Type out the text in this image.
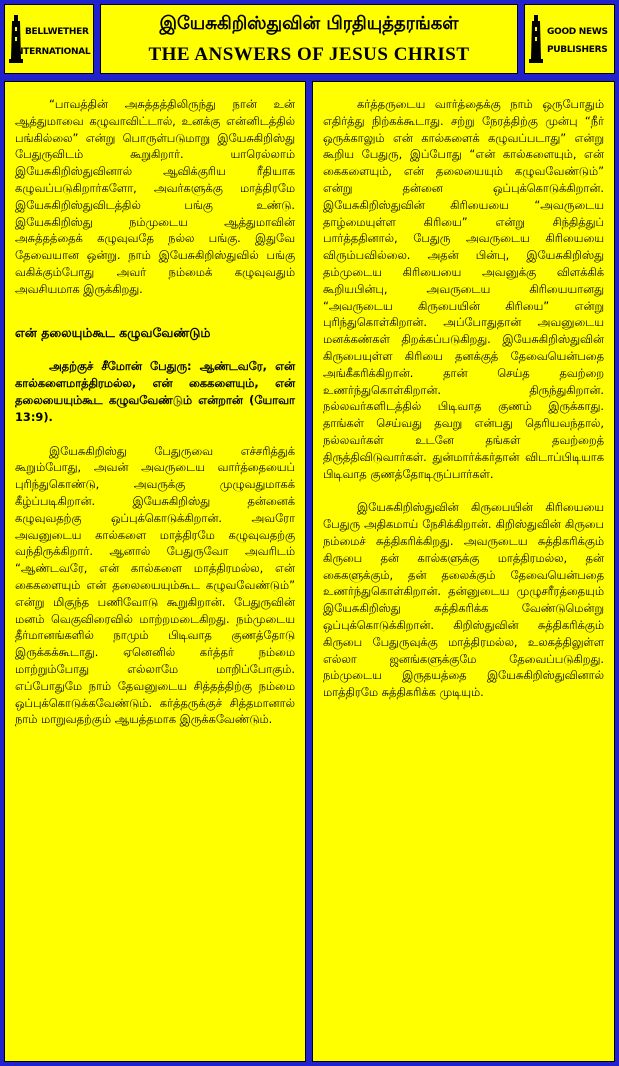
BELLWETHER
INTERNATIONAL
இயேசுகிறிஸ்துவின் பிரதியுத்தரங்கள்
THE ANSWERS OF JESUS CHRIST
GOOD NEWS
PUBLISHERS

“பாவத்தின் அசுத்தத்திலிருந்து நான் உன் ஆத்துமாவை கழுவாவிட்டால், உனக்கு என்னிடத்தில் பங்கில்லை” என்று பொருள்படுமாறு இயேசுகிறிஸ்து பேதுருவிடம் கூறுகிறார். யாரெல்லாம் இயேசுகிறிஸ்துவினால் ஆவிக்குரிய ரீதியாக கழுவப்படுகிறார்களோ, அவர்களுக்கு மாத்திரமே இயேசுகிறிஸ்துவிடத்தில் பங்கு உண்டு. இயேசுகிறிஸ்து நம்முடைய ஆத்துமாவின் அசுத்தத்தைக் கழுவுவதே நல்ல பங்கு. இதுவே தேவையான ஒன்று. நாம் இயேசுகிறிஸ்துவில் பங்கு வகிக்கும்போது அவர் நம்மைக் கழுவுவதும் அவசியமாக இருக்கிறது.

என் தலையும்கூட கழுவவேண்டும்

அதற்குச் சீமோன் பேதுரு: ஆண்டவரே, என் கால்களைமாத்திரமல்ல, என் கைகளையும், என் தலையையும்கூட கழுவவேண்டும் என்றான் (யோவா 13:9).

இயேசுகிறிஸ்து பேதுருவை எச்சரித்துக் கூறும்போது, அவன் அவருடைய வார்த்தையைப் புரிந்துகொண்டு, அவருக்கு முழுவதுமாகக் கீழ்ப்படிகிறான். இயேசுகிறிஸ்து தன்னைக் கழுவுவதற்கு ஒப்புக்கொடுக்கிறான். அவரோ அவனுடைய கால்களை மாத்திரமே கழுவுவதற்கு வந்திருக்கிறார். ஆனால் பேதுருவோ அவரிடம் “ஆண்டவரே, என் கால்களை மாத்திரமல்ல, என் கைகளையும் என் தலையையும்கூட கழுவவேண்டும்” என்று மிகுந்த பணிவோடு கூறுகிறான். பேதுருவின் மனம் வெகுவிரைவில் மாற்றமடைகிறது. நம்முடைய தீர்மானங்களில் நாமும் பிடிவாத குணத்தோடு இருக்கக்கூடாது. ஏனெனில் கர்த்தர் நம்மை மாற்றும்போது எல்லாமே மாறிப்போகும். எப்போதுமே நாம் தேவனுடைய சித்தத்திற்கு நம்மை ஒப்புக்கொடுக்கவேண்டும். கர்த்தருக்குச் சித்தமானால் நாம் மாறுவதற்கும் ஆயத்தமாக இருக்கவேண்டும்.

கர்த்தருடைய வார்த்தைக்கு நாம் ஒருபோதும் எதிர்த்து நிற்கக்கூடாது. சற்று நேரத்திற்கு முன்பு “நீர் ஒருக்காலும் என் கால்களைக் கழுவப்படாது” என்று கூறிய பேதுரு, இப்போது “என் கால்களையும், என் கைகளையும், என் தலையையும் கழுவவேண்டும்” என்று தன்னை ஒப்புக்கொடுக்கிறான். இயேசுகிறிஸ்துவின் கிரியையை “அவருடைய தாழ்மையுள்ள கிரியை” என்று சிந்தித்துப் பார்த்ததினால், பேதுரு அவருடைய கிரியையை விரும்பவில்லை. அதன் பின்பு, இயேசுகிறிஸ்து தம்முடைய கிரியையை அவனுக்கு விளக்கிக் கூறியபின்பு, அவருடைய கிரியையானது “அவருடைய கிருபையின் கிரியை” என்று புரிந்துகொள்கிறான். அப்போதுதான் அவனுடைய மனக்கண்கள் திறக்கப்படுகிறது. இயேசுகிறிஸ்துவின் கிருபையுள்ள கிரியை தனக்குத் தேவையென்பதை அங்கீகரிக்கிறான். தான் செய்த தவற்றை உணர்ந்துகொள்கிறான். திருந்துகிறான். நல்லவர்களிடத்தில் பிடிவாத குணம் இருக்காது. தாங்கள் செய்வது தவறு என்பது தெரியவந்தால், நல்லவர்கள் உடனே தங்கள் தவற்றைத் திருத்திவிடுவார்கள். துன்மார்க்கர்தான் விடாப்பிடியாக பிடிவாத குணத்தோடிருப்பார்கள்.

இயேசுகிறிஸ்துவின் கிருபையின் கிரியையை பேதுரு அதிகமாய் நேசிக்கிறான். கிறிஸ்துவின் கிருபை நம்மைச் சுத்திகரிக்கிறது. அவருடைய சுத்திகரிக்கும் கிருபை தன் கால்களுக்கு மாத்திரமல்ல, தன் கைகளுக்கும், தன் தலைக்கும் தேவையென்பதை உணர்ந்துகொள்கிறான். தன்னுடைய முழுசரீரத்தையும் இயேசுகிறிஸ்து சுத்திகரிக்க வேண்டுமென்று ஒப்புக்கொடுக்கிறான். கிறிஸ்துவின் சுத்திகரிக்கும் கிருபை பேதுருவுக்கு மாத்திரமல்ல, உலகத்திலுள்ள எல்லா ஜனங்களுக்குமே தேவைப்படுகிறது. நம்முடைய இருதயத்தை இயேசுகிறிஸ்துவினால் மாத்திரமே சுத்திகரிக்க முடியும்.
